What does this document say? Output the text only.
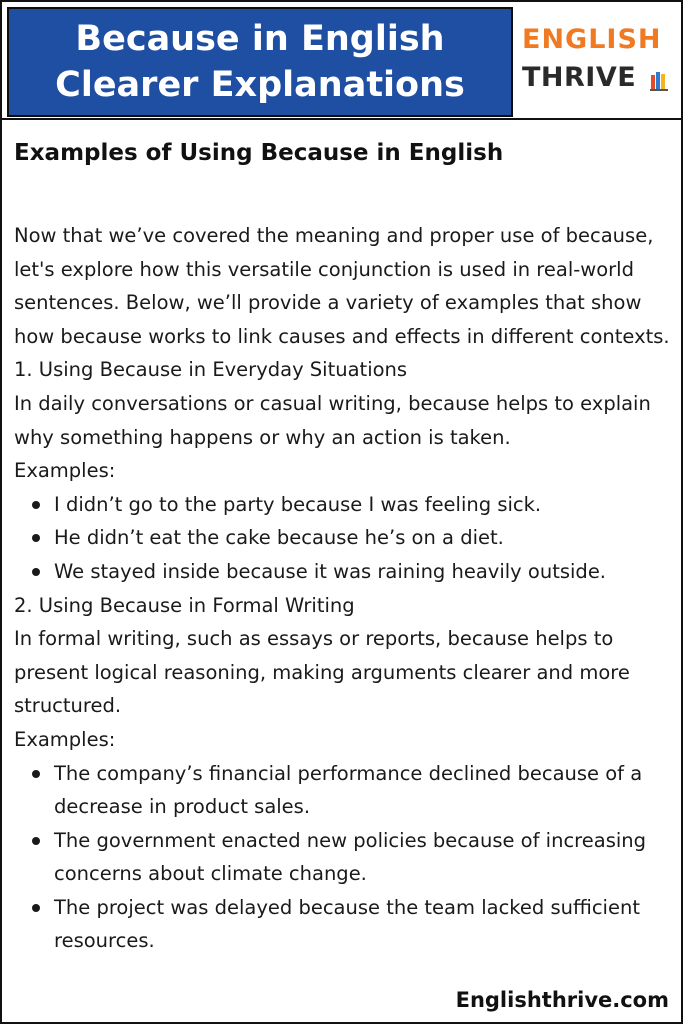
Because in English
Clearer Explanations
ENGLISH
THRIVE
Examples of Using Because in English

Now that we’ve covered the meaning and proper use of because, let's explore how this versatile conjunction is used in real-world sentences. Below, we’ll provide a variety of examples that show how because works to link causes and effects in different contexts.

1. Using Because in Everyday Situations

In daily conversations or casual writing, because helps to explain why something happens or why an action is taken.

Examples:

I didn’t go to the party because I was feeling sick.
He didn’t eat the cake because he’s on a diet.
We stayed inside because it was raining heavily outside.

2. Using Because in Formal Writing

In formal writing, such as essays or reports, because helps to present logical reasoning, making arguments clearer and more structured.

Examples:

The company’s financial performance declined because of a decrease in product sales.
The government enacted new policies because of increasing concerns about climate change.
The project was delayed because the team lacked sufficient resources.
Englishthrive.com
